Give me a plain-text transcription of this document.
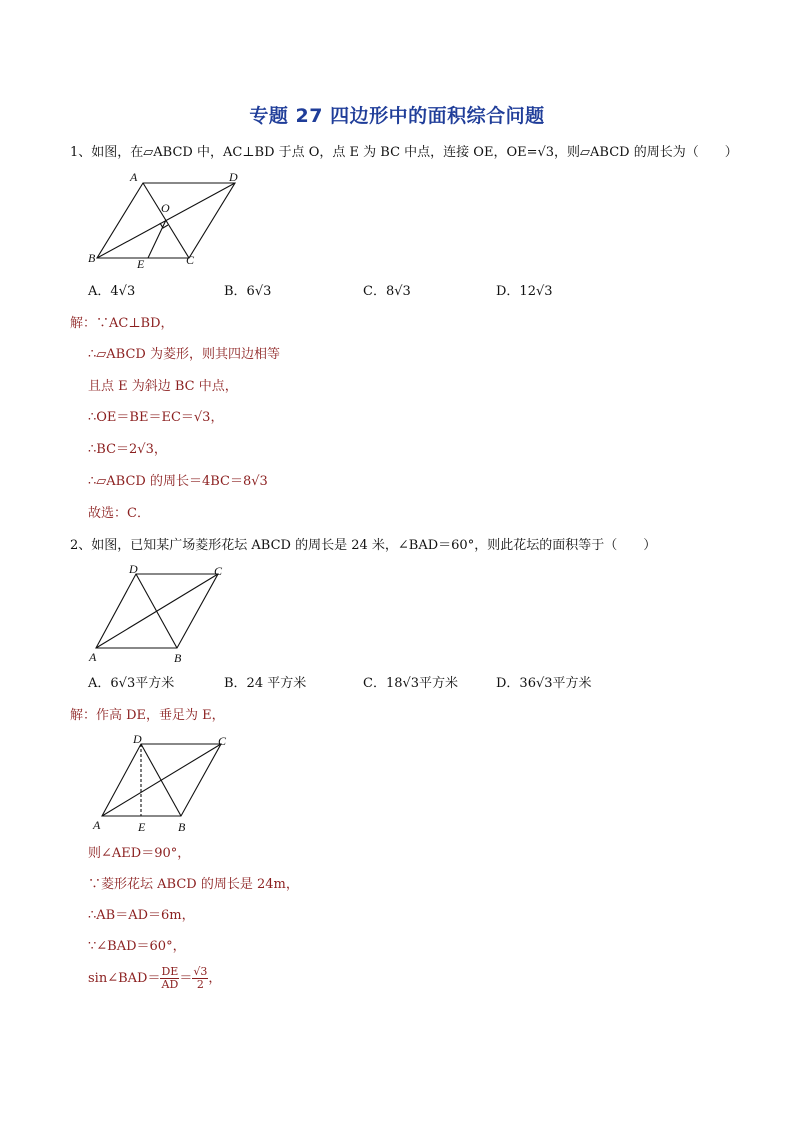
专题 27 四边形中的面积综合问题
1、如图，在▱ABCD 中，AC⊥BD 于点 O，点 E 为 BC 中点，连接 OE，OE=√3，则▱ABCD 的周长为（　　）
A	D
O
B	E	C
A．4√3	B．6√3	C．8√3	D．12√3
解：∵AC⊥BD，
∴▱ABCD 为菱形，则其四边相等
且点 E 为斜边 BC 中点，
∴OE＝BE＝EC＝√3，
∴BC＝2√3，
∴▱ABCD 的周长＝4BC＝8√3
故选：C．
2、如图，已知某广场菱形花坛 ABCD 的周长是 24 米，∠BAD＝60°，则此花坛的面积等于（　　）
D	C
A	B
A．6√3平方米	B．24 平方米	C．18√3平方米	D．36√3平方米
解：作高 DE，垂足为 E，
D	C
A	E	B
则∠AED＝90°，
∵菱形花坛 ABCD 的周长是 24m，
∴AB＝AD＝6m，
∵∠BAD＝60°，
sin∠BAD＝ $\frac{DE}{AD} = \frac{√3}{2}$ ，
